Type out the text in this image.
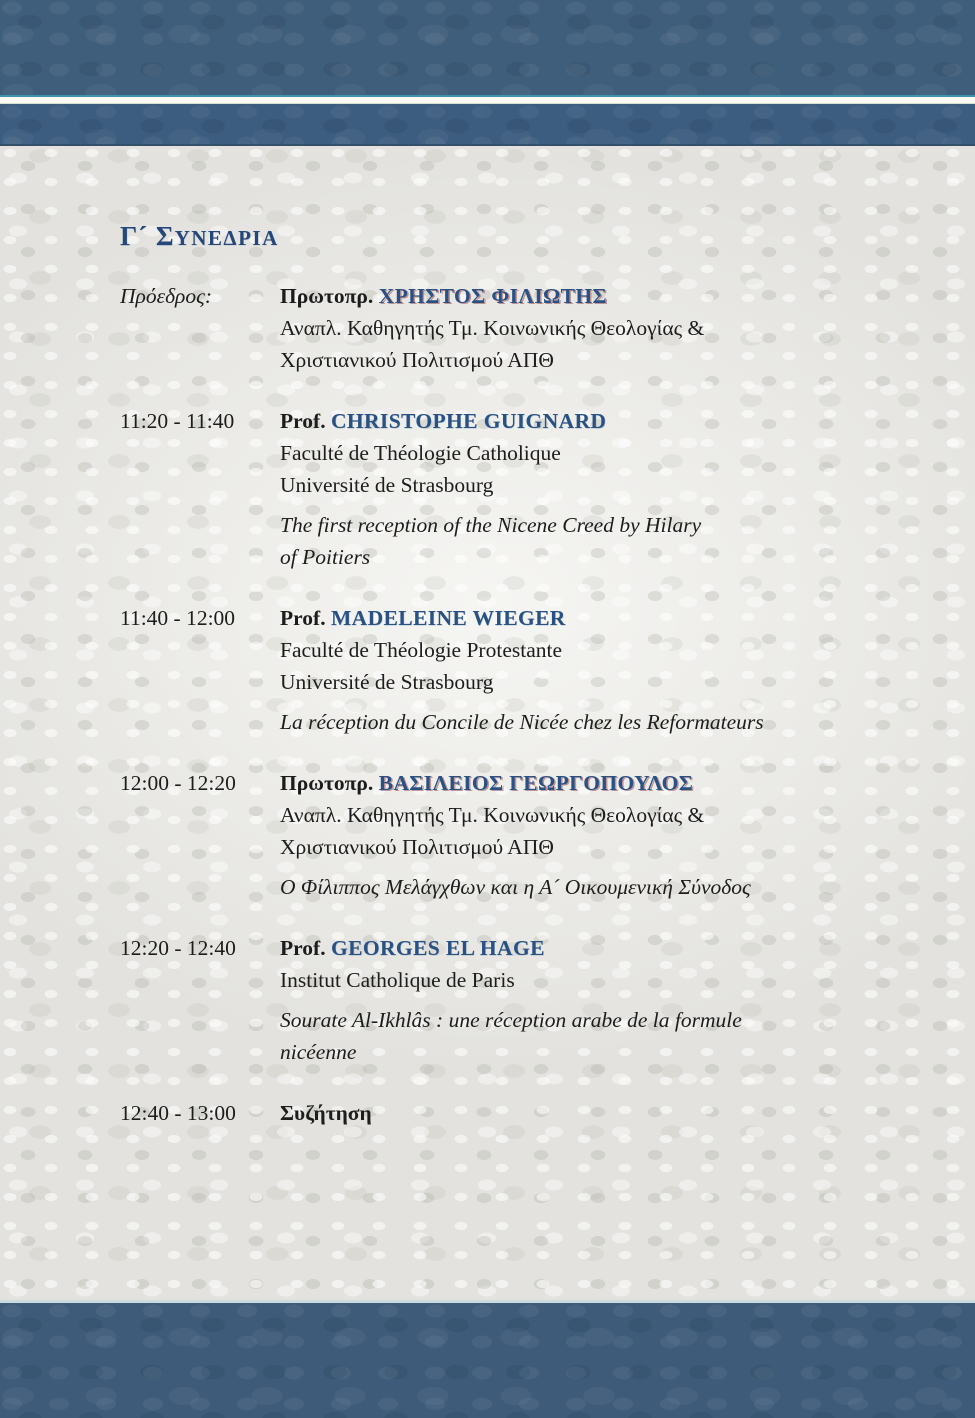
Γ´ ΣΥΝΕΔΡΙΑ
Πρόεδρος:	Πρωτοπρ. ΧΡΗΣΤΟΣ ΦΙΛΙΩΤΗΣ
Αναπλ. Καθηγητής Τμ. Κοινωνικής Θεολογίας &
Χριστιανικού Πολιτισμού ΑΠΘ
11:20 - 11:40	Prof. CHRISTOPHE GUIGNARD
Faculté de Théologie Catholique
Université de Strasbourg
The first reception of the Nicene Creed by Hilary
of Poitiers
11:40 - 12:00	Prof. MADELEINE WIEGER
Faculté de Théologie Protestante
Université de Strasbourg
La réception du Concile de Nicée chez les Reformateurs
12:00 - 12:20	Πρωτοπρ. ΒΑΣΙΛΕΙΟΣ ΓΕΩΡΓΟΠΟΥΛΟΣ
Αναπλ. Καθηγητής Τμ. Κοινωνικής Θεολογίας &
Χριστιανικού Πολιτισμού ΑΠΘ
Ο Φίλιππος Μελάγχθων και η Α´ Οικουμενική Σύνοδος
12:20 - 12:40	Prof. GEORGES EL HAGE
Institut Catholique de Paris
Sourate Al-Ikhlâs : une réception arabe de la formule
nicéenne
12:40 - 13:00	Συζήτηση
